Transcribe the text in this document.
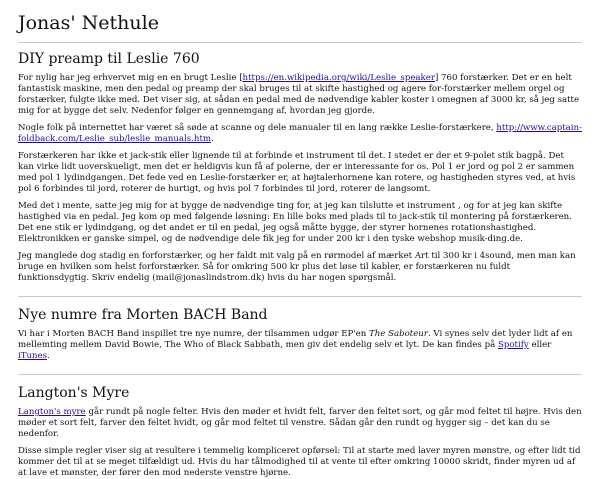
Jonas' Nethule
DIY preamp til Leslie 760

For nylig har jeg erhvervet mig en en brugt Leslie [https://en.wikipedia.org/wiki/Leslie_speaker] 760 forstærker. Det er en helt fantastisk maskine, men den pedal og preamp der skal bruges til at skifte hastighed og agere for-forstærker mellem orgel og forstærker, fulgte ikke med. Det viser sig, at sådan en pedal med de nødvendige kabler koster i omegnen af 3000 kr, så jeg satte mig for at bygge det selv. Nedenfor følger en gennemgang af, hvordan jeg gjorde.

Nogle folk på internettet har været så søde at scanne og dele manualer til en lang række Leslie-forstærkere, http://www.captain-foldback.com/Leslie_sub/leslie_manuals.htm.

Forstærkeren har ikke et jack-stik eller lignende til at forbinde et instrument til det. I stedet er der et 9-polet stik bagpå. Det kan virke lidt uoverskueligt, men det er heldigvis kun få af polerne, der er interessante for os. Pol 1 er jord og pol 2 er sammen med pol 1 lydindgangen. Det fede ved en Leslie-forstærker er, at højtalerhornene kan rotere, og hastigheden styres ved, at hvis pol 6 forbindes til jord, roterer de hurtigt, og hvis pol 7 forbindes til jord, roterer de langsomt.

Med det i mente, satte jeg mig for at bygge de nødvendige ting for, at jeg kan tilslutte et instrument , og for at jeg kan skifte hastighed via en pedal. Jeg kom op med følgende løsning: En lille boks med plads til to jack-stik til montering på forstærkeren. Det ene stik er lydindgang, og det andet er til en pedal, jeg også måtte bygge, der styrer hornenes rotationshastighed. Elektronikken er ganske simpel, og de nødvendige dele fik jeg for under 200 kr i den tyske webshop musik-ding.de.

Jeg manglede dog stadig en forforstærker, og her faldt mit valg på en rørmodel af mærket Art til 300 kr i 4sound, men man kan bruge en hvilken som helst forforstærker. Så for omkring 500 kr plus det løse til kabler, er forstærkeren nu fuldt funktionsdygtig. Skriv endelig (mail@jonaslindstrom.dk) hvis du har nogen spørgsmål.

Nye numre fra Morten BACH Band

Vi har i Morten BACH Band inspillet tre nye numre, der tilsammen udgør EP'en The Saboteur. Vi synes selv det lyder lidt af en mellemting mellem David Bowie, The Who of Black Sabbath, men giv det endelig selv et lyt. De kan findes på Spotify eller iTunes.

Langton's Myre

Langton's myre går rundt på nogle felter. Hvis den møder et hvidt felt, farver den feltet sort, og går mod feltet til højre. Hvis den møder et sort felt, farver den feltet hvidt, og går mod feltet til venstre. Sådan går den rundt og hygger sig – det kan du se nedenfor.

Disse simple regler viser sig at resultere i temmelig kompliceret opførsel: Til at starte med laver myren mønstre, og efter lidt tid kommer det til at se meget tilfældigt ud. Hvis du har tålmodighed til at vente til efter omkring 10000 skridt, finder myren ud af at lave et mønster, der fører den mod nederste venstre hjørne.
